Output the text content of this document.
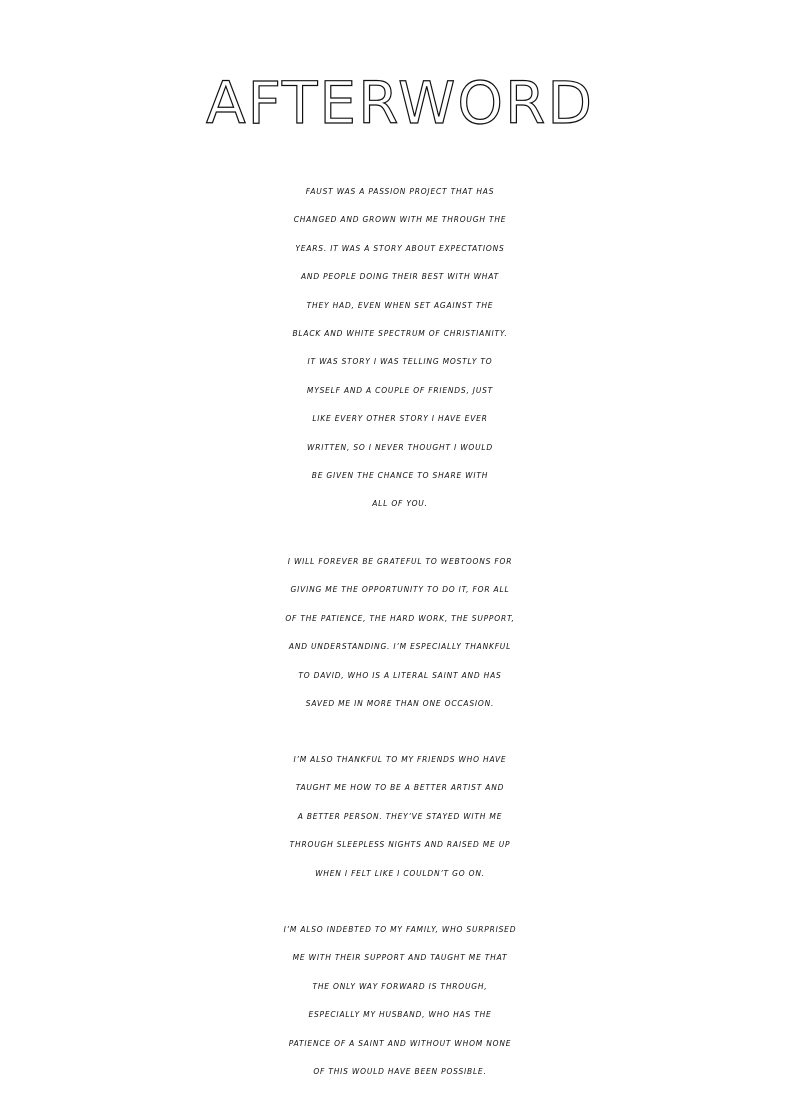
AFTERWORD
FAUST WAS A PASSION PROJECT THAT HAS
CHANGED AND GROWN WITH ME THROUGH THE
YEARS. IT WAS A STORY ABOUT EXPECTATIONS
AND PEOPLE DOING THEIR BEST WITH WHAT
THEY HAD, EVEN WHEN SET AGAINST THE
BLACK AND WHITE SPECTRUM OF CHRISTIANITY.
IT WAS STORY I WAS TELLING MOSTLY TO
MYSELF AND A COUPLE OF FRIENDS, JUST
LIKE EVERY OTHER STORY I HAVE EVER
WRITTEN, SO I NEVER THOUGHT I WOULD
BE GIVEN THE CHANCE TO SHARE WITH
ALL OF YOU.
I WILL FOREVER BE GRATEFUL TO WEBTOONS FOR
GIVING ME THE OPPORTUNITY TO DO IT, FOR ALL
OF THE PATIENCE, THE HARD WORK, THE SUPPORT,
AND UNDERSTANDING. I’M ESPECIALLY THANKFUL
TO DAVID, WHO IS A LITERAL SAINT AND HAS
SAVED ME IN MORE THAN ONE OCCASION.
I’M ALSO THANKFUL TO MY FRIENDS WHO HAVE
TAUGHT ME HOW TO BE A BETTER ARTIST AND
A BETTER PERSON. THEY’VE STAYED WITH ME
THROUGH SLEEPLESS NIGHTS AND RAISED ME UP
WHEN I FELT LIKE I COULDN’T GO ON.
I’M ALSO INDEBTED TO MY FAMILY, WHO SURPRISED
ME WITH THEIR SUPPORT AND TAUGHT ME THAT
THE ONLY WAY FORWARD IS THROUGH,
ESPECIALLY MY HUSBAND, WHO HAS THE
PATIENCE OF A SAINT AND WITHOUT WHOM NONE
OF THIS WOULD HAVE BEEN POSSIBLE.
